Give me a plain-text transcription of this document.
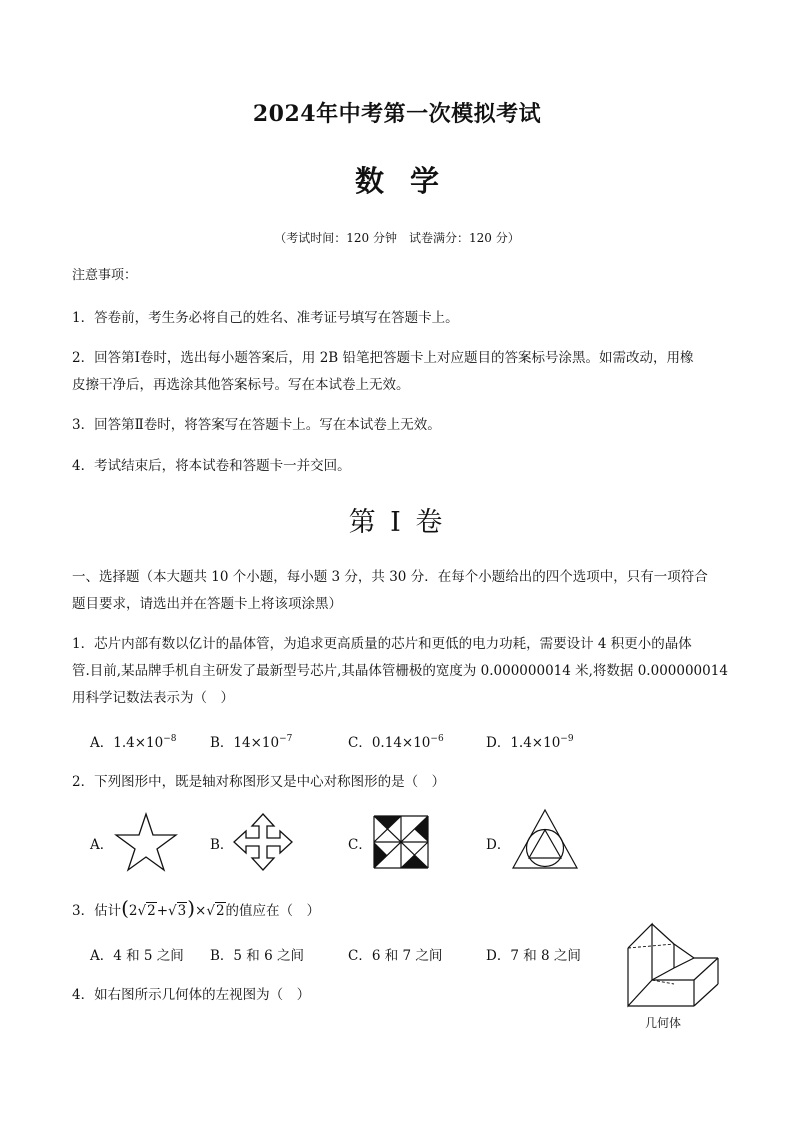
2024年中考第一次模拟考试
数学
（考试时间：120 分钟　试卷满分：120 分）
注意事项：
1．答卷前，考生务必将自己的姓名、准考证号填写在答题卡上。
2．回答第Ⅰ卷时，选出每小题答案后，用 2B 铅笔把答题卡上对应题目的答案标号涂黑。如需改动，用橡
皮擦干净后，再选涂其他答案标号。写在本试卷上无效。
3．回答第Ⅱ卷时，将答案写在答题卡上。写在本试卷上无效。
4．考试结束后，将本试卷和答题卡一并交回。
第 I 卷
一、选择题（本大题共 10 个小题，每小题 3 分，共 30 分．在每个小题给出的四个选项中，只有一项符合
题目要求，请选出并在答题卡上将该项涂黑）
1．芯片内部有数以亿计的晶体管，为追求更高质量的芯片和更低的电力功耗，需要设计 4 积更小的晶体
管.目前,某品牌手机自主研发了最新型号芯片,其晶体管栅极的宽度为 0.000000014 米,将数据 0.000000014
用科学记数法表示为（　）
A．$1.4\times 10^{-8}$ B．$14\times 10^{-7}$	C．$0.14\times 10^{-6}$	D．$1.4\times 10^{-9}$
2．下列图形中，既是轴对称图形又是中心对称图形的是（　）
A．	B．	C．	D．
3．估计(2√2+√3)×√2的值应在（　）
A．4 和 5 之间 B．5 和 6 之间	C．6 和 7 之间	D．7 和 8 之间
4．如右图所示几何体的左视图为（　）
几何体
